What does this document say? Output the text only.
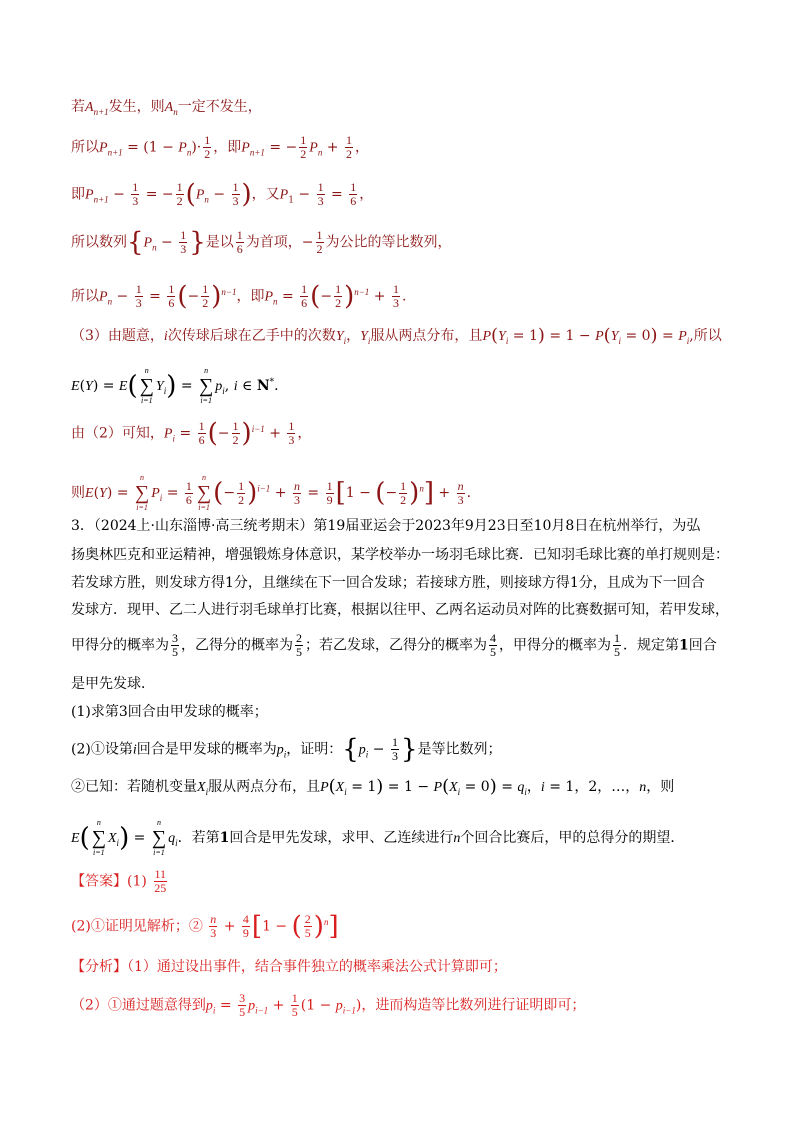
若$A_{n+1}$发生，则$A_n$一定不发生，
所以$P_{n+1} = (1 - P_n)\cdot \frac{1}{2}$ ，即$P_{n+1}$ = − $\frac{1}{2} P_n + \frac{1}{2}$ ，
即$P_{n+1} - \frac{1}{3}$ = − $\frac{1}{2} (P_n - \frac{1}{3}$ )，又$P_1 - \frac{1}{3} = \frac{1}{6}$ ，
所以数列{$P_n - \frac{1}{3}$ }是以 $\frac{1}{6}$ 为首项，− $\frac{1}{2}$ 为公比的等比数列，
所以$P_n - \frac{1}{3} = \frac{1}{6}$ (− $\frac{1}{2} )^{n-1}$，即$P_n = \frac{1}{6}$ (− $\frac{1}{2} )^{n-1} + \frac{1}{3}$ .
（3）由题意，i次传球后球在乙手中的次数$Y_i$，$Y_i$服从两点分布，且$P(Y_i = 1) = 1 - P(Y_i = 0) = P_i$,所以
E(Y) = E(
n
∑
i=1
$Y_i$) =
n
∑
i=1
$p_i$, i ∈ N*.
由（2）可知，$P_i = \frac{1}{6}$ (− $\frac{1}{2} )^{i-1} + \frac{1}{3}$ ，
则E(Y) =
n
∑
i=1
$P_i = \frac{1}{6}$
n
∑
i=1 (− $\frac{1}{2} )^{i-1} + \frac{n}{3} = \frac{1}{9} [1$ − (− $\frac{1}{2} )^n] + \frac{n}{3}$ .
3．（2024上·山东淄博·高三统考期末）第19届亚运会于2023年9月23日至10月8日在杭州举行，为弘
扬奥林匹克和亚运精神，增强锻炼身体意识，某学校举办一场羽毛球比赛．已知羽毛球比赛的单打规则是：
若发球方胜，则发球方得1分，且继续在下一回合发球；若接球方胜，则接球方得1分，且成为下一回合
发球方．现甲、乙二人进行羽毛球单打比赛，根据以往甲、乙两名运动员对阵的比赛数据可知，若甲发球，
甲得分的概率为 $\frac{3}{5}$ ，乙得分的概率为 $\frac{2}{5}$ ；若乙发球，乙得分的概率为 $\frac{4}{5}$ ，甲得分的概率为 $\frac{1}{5}$ ．规定第1回合
是甲先发球．
(1)求第3回合由甲发球的概率；
(2)①设第i回合是甲发球的概率为$p_i$，证明：{$p_i - \frac{1}{3}$ }是等比数列；
②已知：若随机变量$X_i$服从两点分布，且$P(X_i = 1) = 1 - P(X_i = 0) = q_i$，i = 1，2，…，n，则
E(
n
∑
i=1
$X_i$) =
n
∑
i=1
$q_i$．若第1回合是甲先发球，求甲、乙连续进行n个回合比赛后，甲的总得分的期望．
【答案】$(1) \frac{11}{25}$
(2)①证明见解析；② $\frac{n}{3} + \frac{4}{9} [1$ − ( $\frac{2}{5} )^n$]
【分析】（1）通过设出事件，结合事件独立的概率乘法公式计算即可；
（2）①通过题意得到$p_i = \frac{3}{5} p_{i-1} + \frac{1}{5} (1 - p_{i-1})$，进而构造等比数列进行证明即可；
